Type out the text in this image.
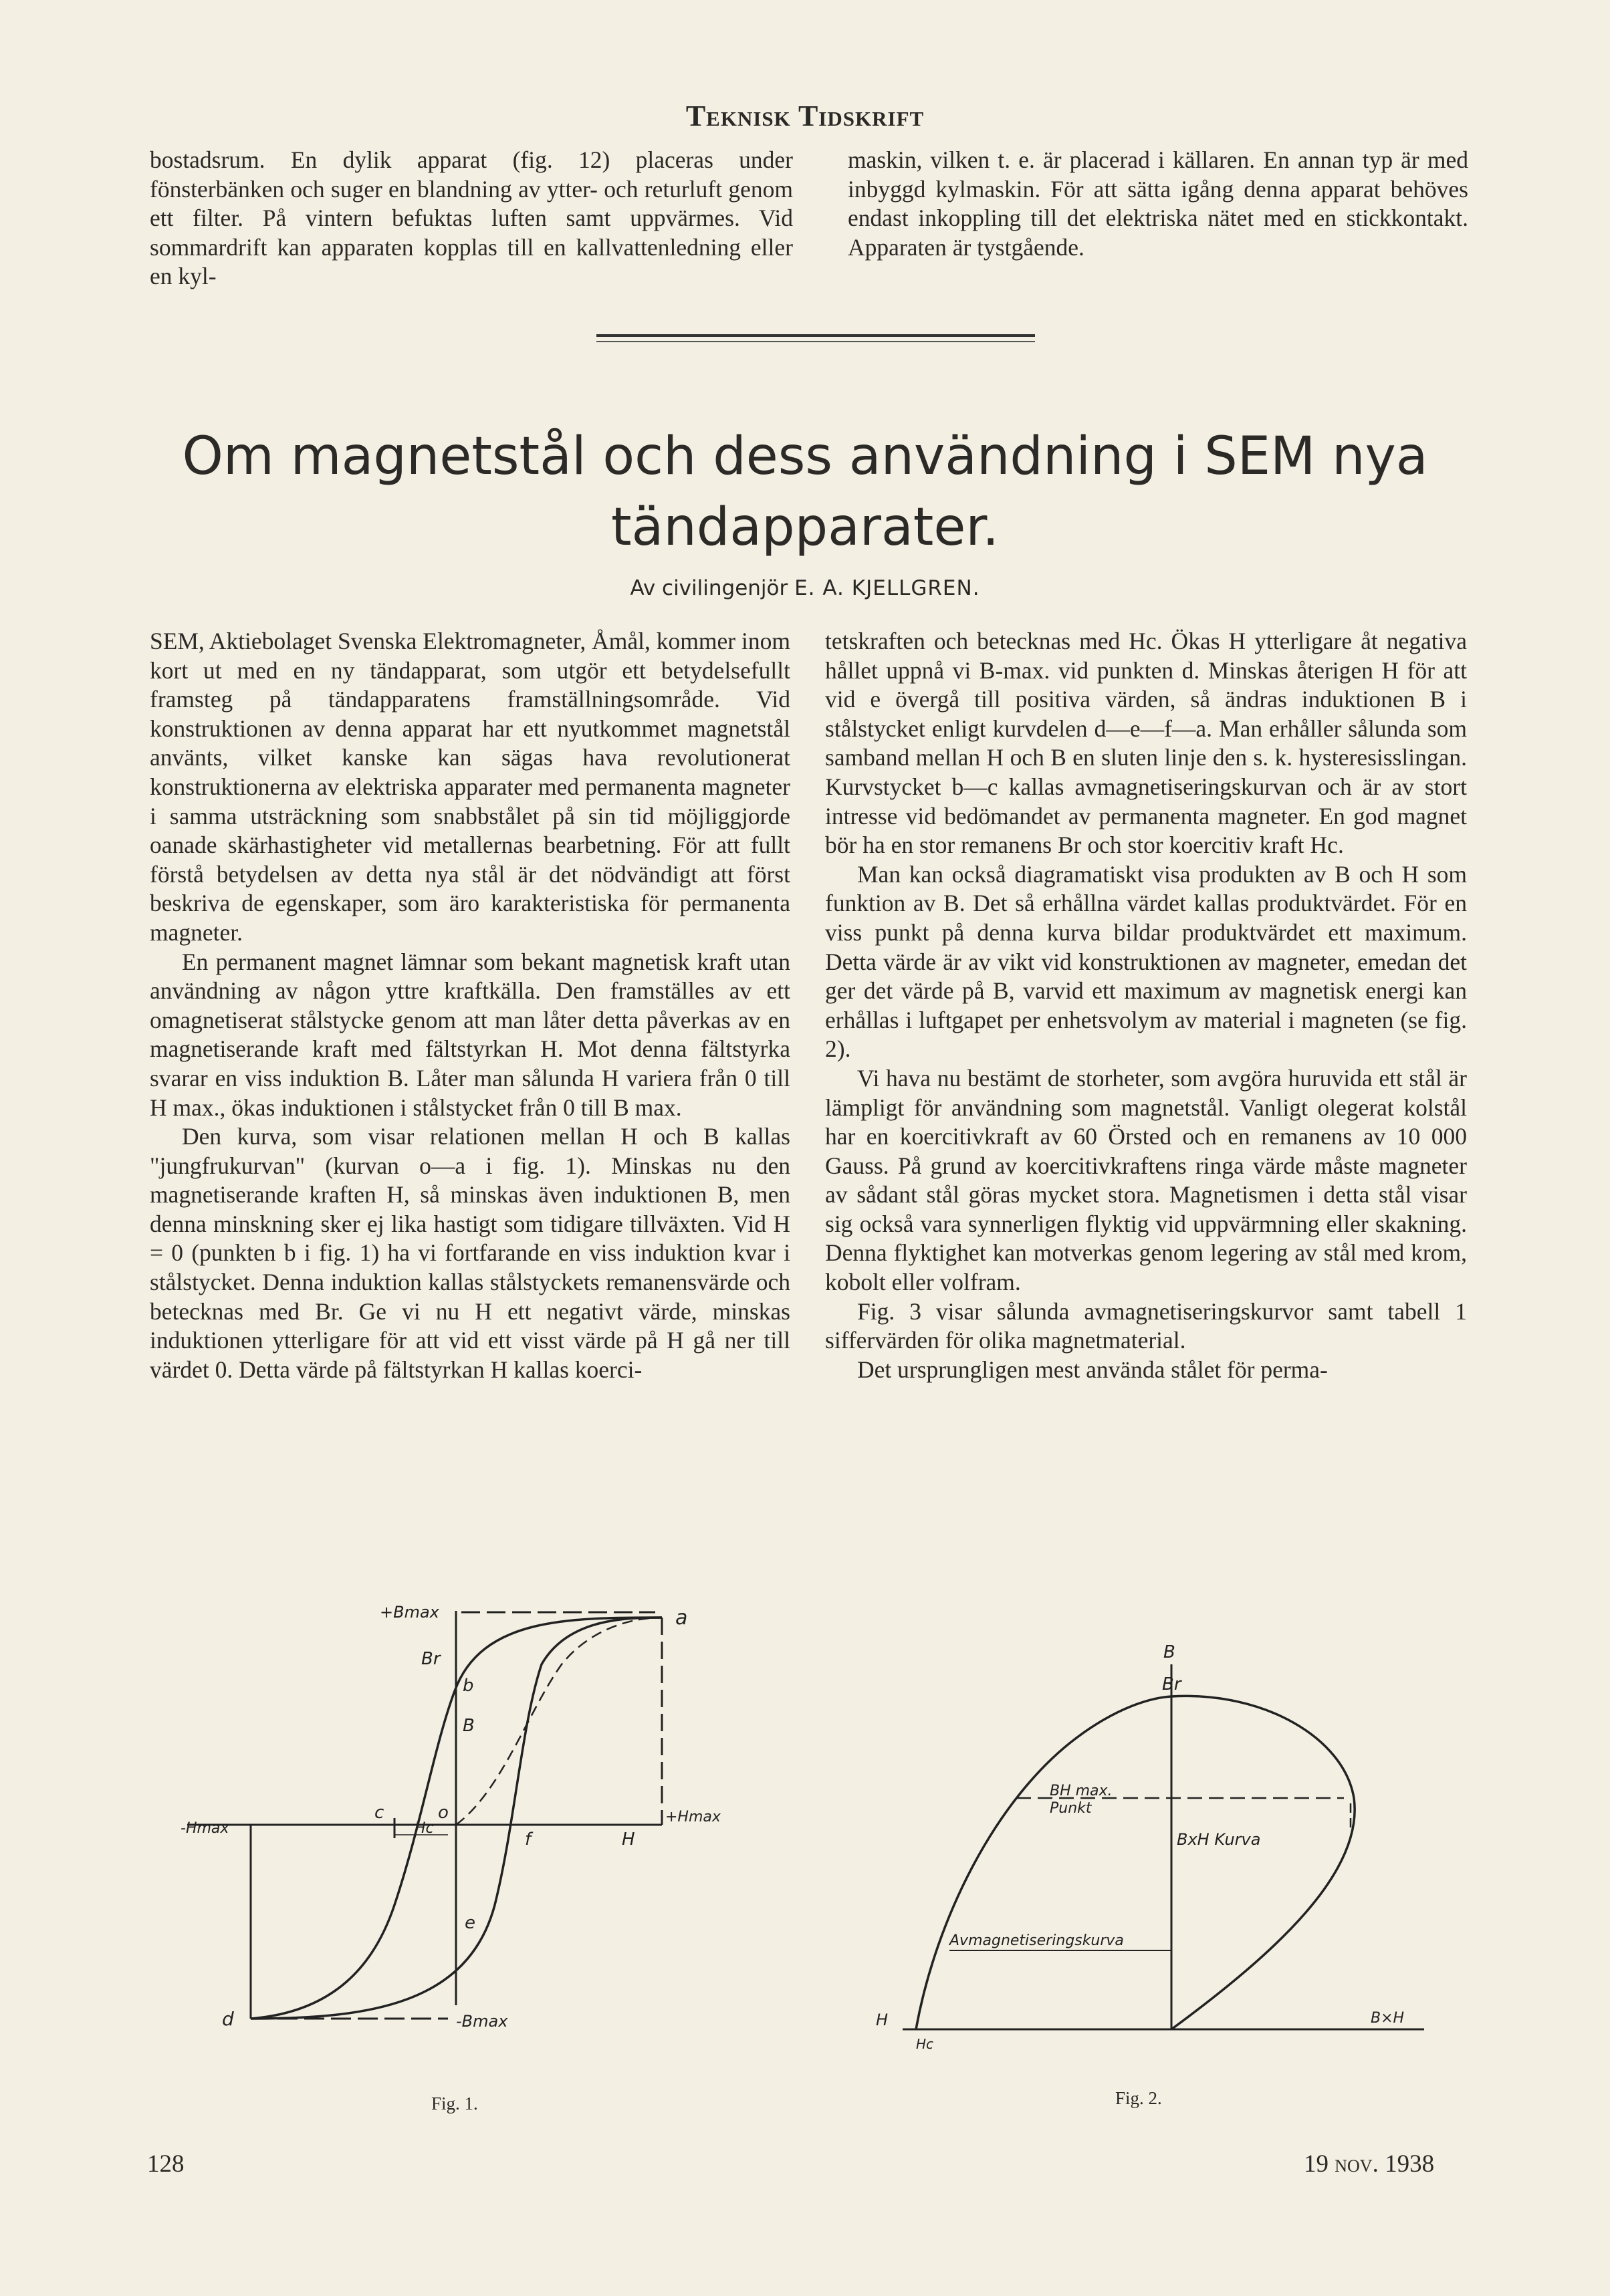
Teknisk Tidskrift

bostadsrum. En dylik apparat (fig. 12) placeras under fönsterbänken och suger en blandning av ytter- och returluft genom ett filter. På vintern befuktas luften samt uppvärmes. Vid sommardrift kan apparaten kopplas till en kallvattenledning eller en kyl-

maskin, vilken t. e. är placerad i källaren. En annan typ är med inbyggd kylmaskin. För att sätta igång denna apparat behöves endast inkoppling till det elektriska nätet med en stickkontakt. Apparaten är tystgående.

Om magnetstål och dess användning i SEM nya
tändapparater.
Av civilingenjör E. A. KJELLGREN.

SEM, Aktiebolaget Svenska Elektromagneter, Åmål, kommer inom kort ut med en ny tändapparat, som utgör ett betydelsefullt framsteg på tändapparatens framställningsområde. Vid konstruktionen av denna apparat har ett nyutkommet magnetstål använts, vilket kanske kan sägas hava revolutionerat konstruktionerna av elektriska apparater med permanenta magneter i samma utsträckning som snabbstålet på sin tid möjliggjorde oanade skärhastigheter vid metallernas bearbetning. För att fullt förstå betydelsen av detta nya stål är det nödvändigt att först beskriva de egenskaper, som äro karakteristiska för permanenta magneter.

En permanent magnet lämnar som bekant magnetisk kraft utan användning av någon yttre kraftkälla. Den framställes av ett omagnetiserat stålstycke genom att man låter detta påverkas av en magnetiserande kraft med fältstyrkan H. Mot denna fältstyrka svarar en viss induktion B. Låter man sålunda H variera från 0 till H max., ökas induktionen i stålstycket från 0 till B max.

Den kurva, som visar relationen mellan H och B kallas "jungfrukurvan" (kurvan o—a i fig. 1). Minskas nu den magnetiserande kraften H, så minskas även induktionen B, men denna minskning sker ej lika hastigt som tidigare tillväxten. Vid H = 0 (punkten b i fig. 1) ha vi fortfarande en viss induktion kvar i stålstycket. Denna induktion kallas stålstyckets remanensvärde och betecknas med Br. Ge vi nu H ett negativt värde, minskas induktionen ytterligare för att vid ett visst värde på H gå ner till värdet 0. Detta värde på fältstyrkan H kallas koerci-

tetskraften och betecknas med Hc. Ökas H ytterligare åt negativa hållet uppnå vi B-max. vid punkten d. Minskas återigen H för att vid e övergå till positiva värden, så ändras induktionen B i stålstycket enligt kurvdelen d—e—f—a. Man erhåller sålunda som samband mellan H och B en sluten linje den s. k. hysteresisslingan. Kurvstycket b—c kallas avmagnetiseringskurvan och är av stort intresse vid bedömandet av permanenta magneter. En god magnet bör ha en stor remanens Br och stor koercitiv kraft Hc.

Man kan också diagramatiskt visa produkten av B och H som funktion av B. Det så erhållna värdet kallas produktvärdet. För en viss punkt på denna kurva bildar produktvärdet ett maximum. Detta värde är av vikt vid konstruktionen av magneter, emedan det ger det värde på B, varvid ett maximum av magnetisk energi kan erhållas i luftgapet per enhetsvolym av material i magneten (se fig. 2).

Vi hava nu bestämt de storheter, som avgöra huruvida ett stål är lämpligt för användning som magnetstål. Vanligt olegerat kolstål har en koercitivkraft av 60 Örsted och en remanens av 10 000 Gauss. På grund av koercitivkraftens ringa värde måste magneter av sådant stål göras mycket stora. Magnetismen i detta stål visar sig också vara synnerligen flyktig vid uppvärmning eller skakning. Denna flyktighet kan motverkas genom legering av stål med krom, kobolt eller volfram.

Fig. 3 visar sålunda avmagnetiseringskurvor samt tabell 1 siffervärden för olika magnetmaterial.

Det ursprungligen mest använda stålet för perma-

+Bmax
Br
b
B
a
c	o	+Hmax
-Hmax	Hc
f	H
e
d	-Bmax
Fig. 1.
B
Br
BH max.
Punkt
BxH Kurva
Avmagnetiseringskurva
H
Hc
B×H
Fig. 2.
128	19 nov. 1938
